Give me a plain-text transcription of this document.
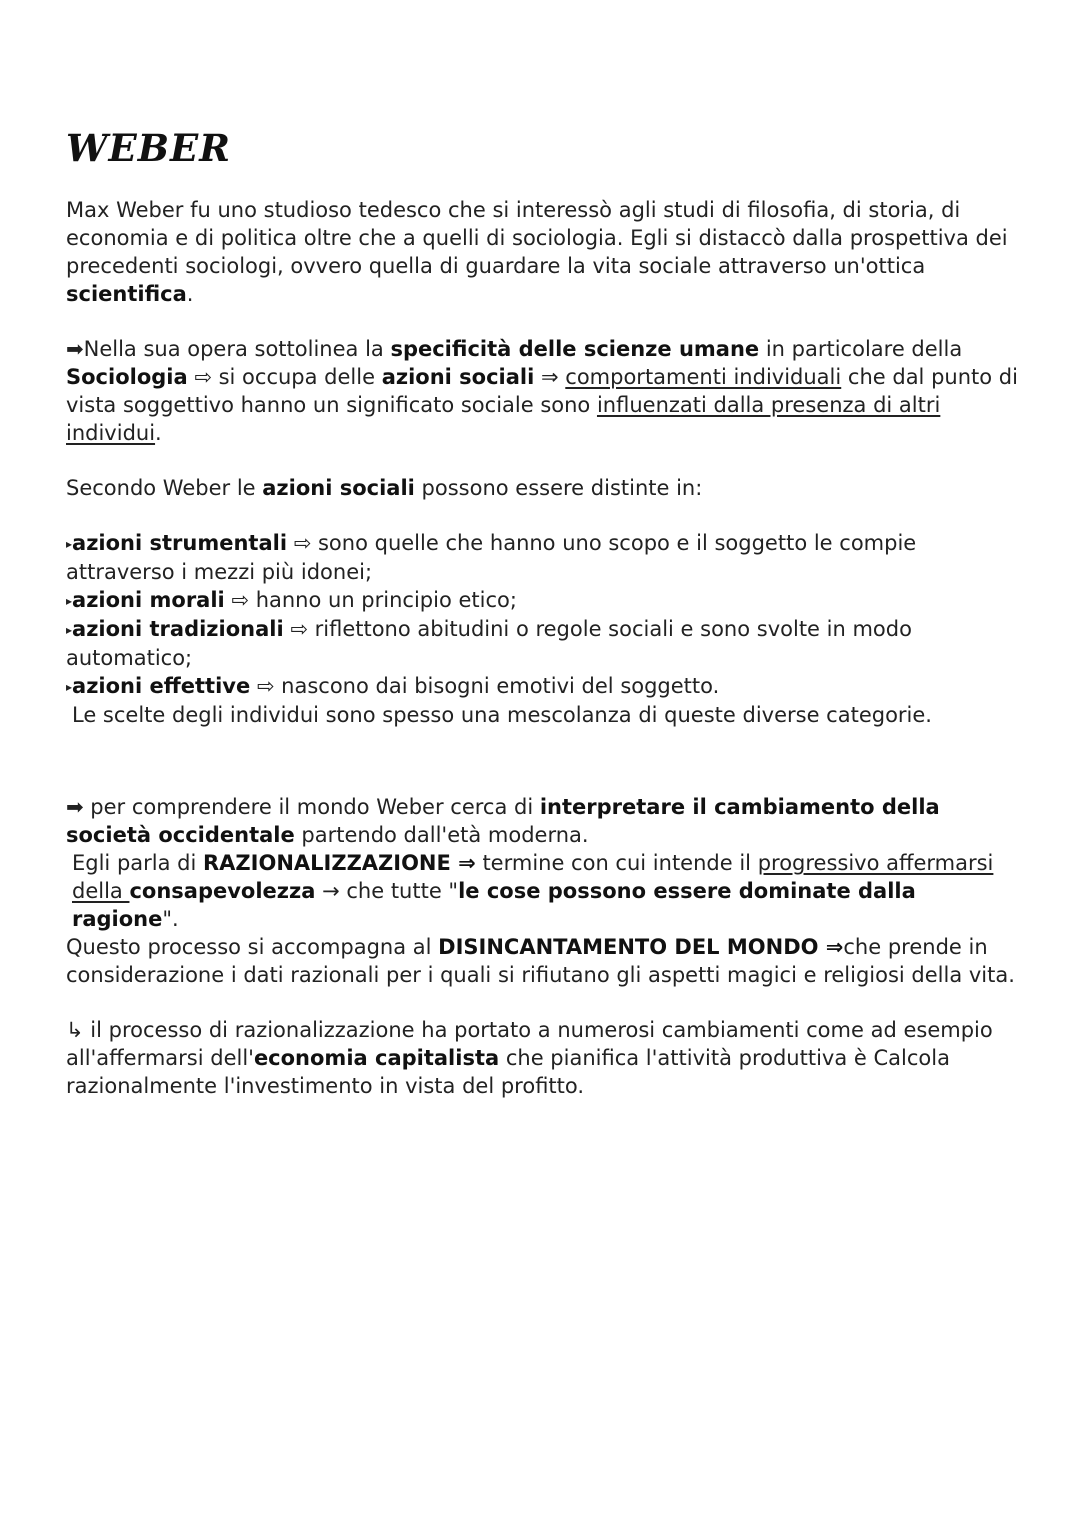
WEBER

Max Weber fu uno studioso tedesco che si interessò agli studi di filosofia, di storia, di economia e di politica oltre che a quelli di sociologia. Egli si distaccò dalla prospettiva dei precedenti sociologi, ovvero quella di guardare la vita sociale attraverso un'ottica scientifica.

➡Nella sua opera sottolinea la specificità delle scienze umane in particolare della Sociologia ⇨ si occupa delle azioni sociali ⇒ comportamenti individuali che dal punto di vista soggettivo hanno un significato sociale sono influenzati dalla presenza di altri individui.

Secondo Weber le azioni sociali possono essere distinte in:

▸azioni strumentali ⇨ sono quelle che hanno uno scopo e il soggetto le compie attraverso i mezzi più idonei;

▸azioni morali ⇨ hanno un principio etico;

▸azioni tradizionali ⇨ riflettono abitudini o regole sociali e sono svolte in modo automatico;

▸azioni effettive ⇨ nascono dai bisogni emotivi del soggetto.

Le scelte degli individui sono spesso una mescolanza di queste diverse categorie.

➡ per comprendere il mondo Weber cerca di interpretare il cambiamento della società occidentale partendo dall'età moderna.

Egli parla di RAZIONALIZZAZIONE ⇒ termine con cui intende il progressivo affermarsi della consapevolezza → che tutte "le cose possono essere dominate dalla ragione".

Questo processo si accompagna al DISINCANTAMENTO DEL MONDO ⇒che prende in considerazione i dati razionali per i quali si rifiutano gli aspetti magici e religiosi della vita.

↳ il processo di razionalizzazione ha portato a numerosi cambiamenti come ad esempio all'affermarsi dell'economia capitalista che pianifica l'attività produttiva è Calcola razionalmente l'investimento in vista del profitto.
